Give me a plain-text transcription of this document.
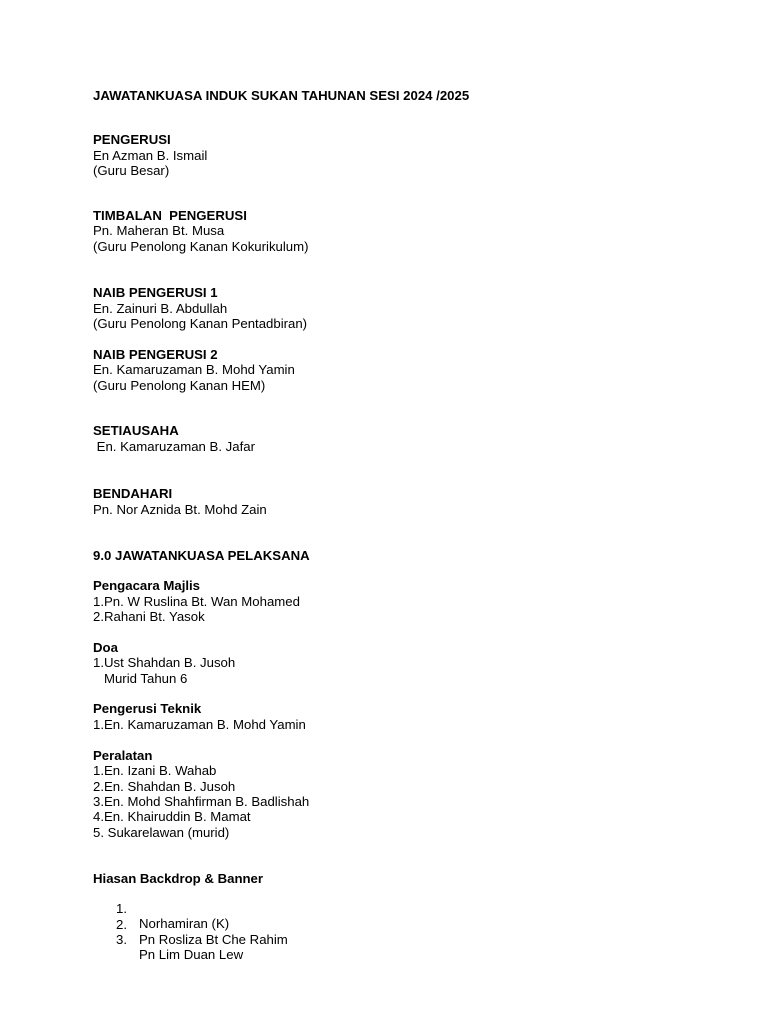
JAWATANKUASA INDUK SUKAN TAHUNAN SESI 2024 /2025
PENGERUSI
En Azman B. Ismail
(Guru Besar)
TIMBALAN  PENGERUSI
Pn. Maheran Bt. Musa
(Guru Penolong Kanan Kokurikulum)
NAIB PENGERUSI 1
En. Zainuri B. Abdullah
(Guru Penolong Kanan Pentadbiran)
NAIB PENGERUSI 2
En. Kamaruzaman B. Mohd Yamin
(Guru Penolong Kanan HEM)
SETIAUSAHA
En. Kamaruzaman B. Jafar
BENDAHARI
Pn. Nor Aznida Bt. Mohd Zain
9.0 JAWATANKUASA PELAKSANA
Pengacara Majlis
1.Pn. W Ruslina Bt. Wan Mohamed
2.Rahani Bt. Yasok
Doa
1.Ust Shahdan B. Jusoh
Murid Tahun 6
Pengerusi Teknik
1.En. Kamaruzaman B. Mohd Yamin
Peralatan
1.En. Izani B. Wahab
2.En. Shahdan B. Jusoh
3.En. Mohd Shahfirman B. Badlishah
4.En. Khairuddin B. Mamat
5. Sukarelawan (murid)
Hiasan Backdrop & Banner

1.

Norhamiran (K)

2.

Pn Rosliza Bt Che Rahim

3.

Pn Lim Duan Lew
